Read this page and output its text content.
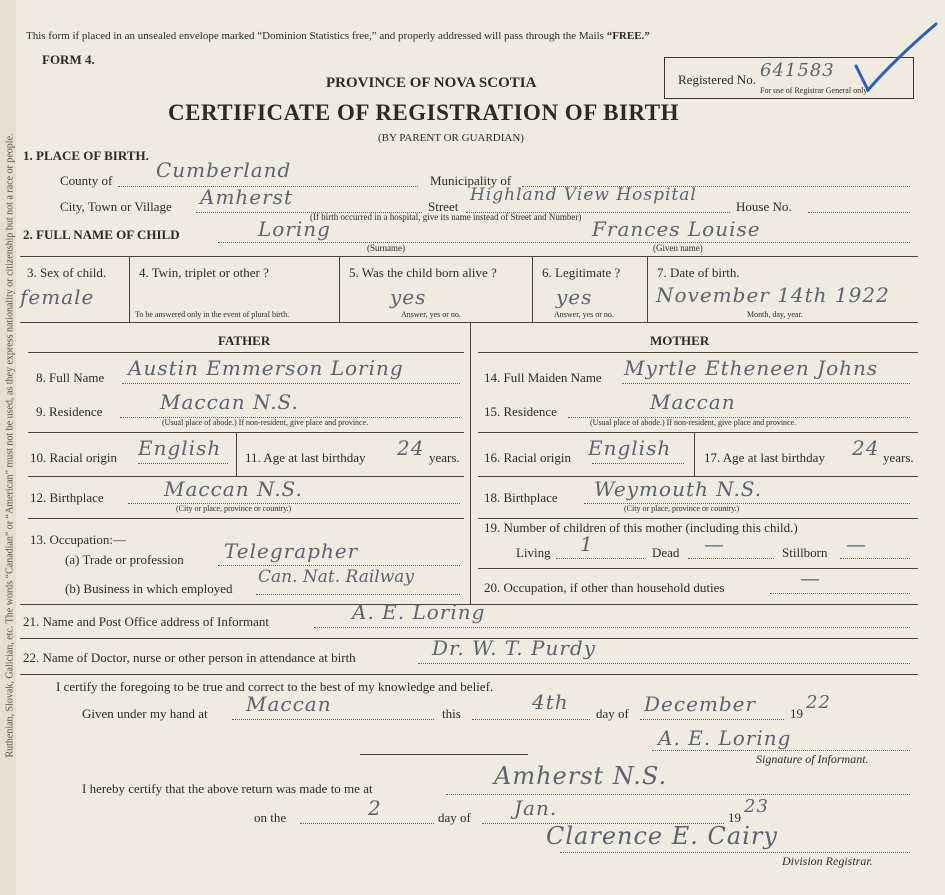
Ruthenian, Slovak, Galician, etc. The words “Canadian” or “American” must not be used, as they express nationality or citizenship but not a race or people.
This form if placed in an unsealed envelope marked “Dominion Statistics free,” and properly addressed will pass through the Mails “FREE.”
FORM 4.
PROVINCE OF NOVA SCOTIA
CERTIFICATE OF REGISTRATION OF BIRTH
(BY PARENT OR GUARDIAN)
Registered No. 641583
For use of Registrar General only
1. PLACE OF BIRTH.
County of Cumberland	Municipality of
City, Town or Village Amherst	Street
Highland View Hospital
House No.
(If birth occurred in a hospital, give its name instead of Street and Number)
2. FULL NAME OF CHILD	Loring	Frances Louise
(Surname)	(Given name)
3. Sex of child.
female
4. Twin, triplet or other ?
To be answered only in the event of plural birth.
5. Was the child born alive ?
yes
Answer, yes or no.
6. Legitimate ?
yes
Answer, yes or no.
7. Date of birth.
November 14th 1922
Month, day, year.
FATHER	MOTHER
8. Full Name Austin Emmerson Loring
9. Residence	Maccan N.S.
(Usual place of abode.) If non-resident, give place and province.
10. Racial origin English 11. Age at last birthday 24 years.
12. Birthplace	Maccan N.S.
(City or place, province or country.)
13. Occupation:—
(a) Trade or profession Telegrapher
(b) Business in which employed
Can. Nat. Railway
14. Full Maiden Name Myrtle Etheneen Johns
15. Residence	Maccan
(Usual place of abode.) If non-resident, give place and province.
16. Racial origin English	17. Age at last birthday 24 years.
18. Birthplace Weymouth N.S.
(City or place, province or country.)
19. Number of children of this mother (including this child.)
Living 1	Dead —	Stillborn —
20. Occupation, if other than household duties	—
21. Name and Post Office address of Informant	A. E. Loring
22. Name of Doctor, nurse or other person in attendance at birth	Dr. W. T. Purdy
I certify the foregoing to be true and correct to the best of my knowledge and belief.
Given under my hand at Maccan	this	4th day of December	19
22
A. E. Loring
Signature of Informant.
I hereby certify that the above return was made to me at	Amherst N.S.
on the	2	day of Jan.	19
23
Clarence E. Cairy
Division Registrar.
